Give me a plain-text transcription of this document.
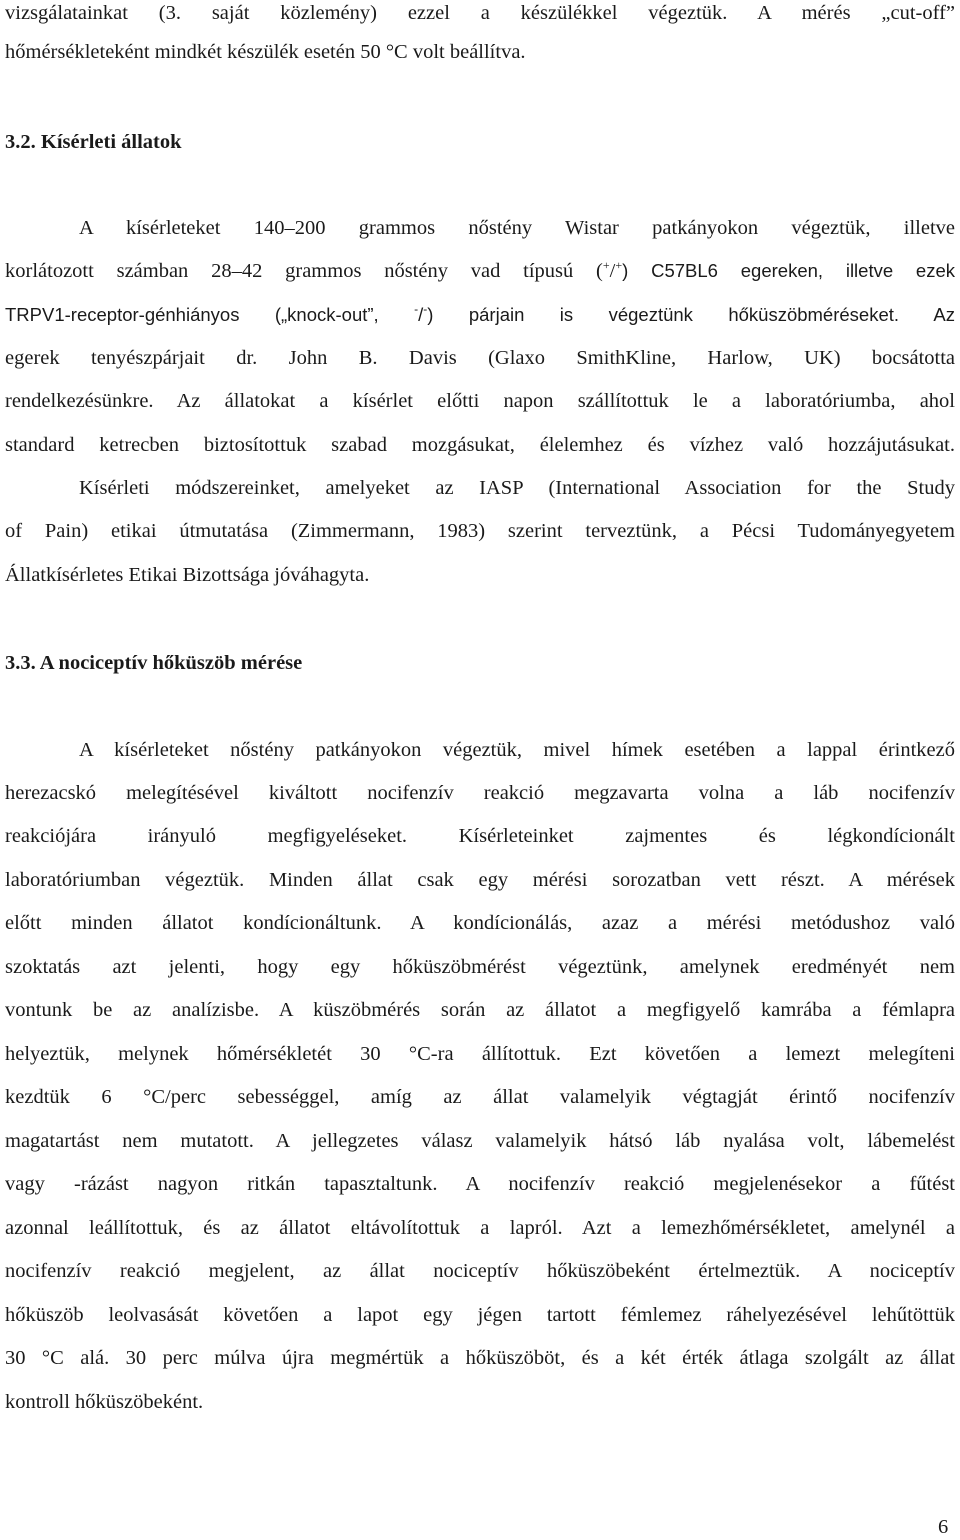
vizsgálatainkat (3. saját közlemény) ezzel a készülékkel végeztük. A mérés „cut-off”
hőmérsékleteként mindkét készülék esetén 50 °C volt beállítva.
3.2. Kísérleti állatok
A kísérleteket 140–200 grammos nőstény Wistar patkányokon végeztük, illetve
korlátozott számban 28–42 grammos nőstény vad típusú (+/+) C57BL6 egereken, illetve ezek
TRPV1-receptor-génhiányos („knock-out”,	-/-) párjain is végeztünk hőküszöbméréseket. Az
egerek tenyészpárjait dr. John B. Davis (Glaxo SmithKline, Harlow, UK) bocsátotta
rendelkezésünkre. Az állatokat a kísérlet előtti napon szállítottuk le a laboratóriumba, ahol
standard ketrecben biztosítottuk szabad mozgásukat, élelemhez és vízhez való hozzájutásukat.
Kísérleti módszereinket, amelyeket az IASP (International Association for the Study
of Pain) etikai útmutatása (Zimmermann, 1983) szerint terveztünk, a Pécsi Tudományegyetem
Állatkísérletes Etikai Bizottsága jóváhagyta.
3.3. A nociceptív hőküszöb mérése
A kísérleteket nőstény patkányokon végeztük, mivel hímek esetében a lappal érintkező
herezacskó melegítésével kiváltott nocifenzív reakció megzavarta volna a láb nocifenzív
reakciójára irányuló megfigyeléseket. Kísérleteinket zajmentes és légkondícionált
laboratóriumban végeztük. Minden állat csak egy mérési sorozatban vett részt. A mérések
előtt minden állatot kondícionáltunk. A kondícionálás, azaz a mérési metódushoz való
szoktatás azt jelenti, hogy egy hőküszöbmérést végeztünk, amelynek eredményét nem
vontunk be az analízisbe. A küszöbmérés során az állatot a megfigyelő kamrába a fémlapra
helyeztük, melynek hőmérsékletét 30 °C-ra állítottuk. Ezt követően a lemezt melegíteni
kezdtük 6 °C/perc sebességgel, amíg az állat valamelyik végtagját érintő nocifenzív
magatartást nem mutatott. A jellegzetes válasz valamelyik hátsó láb nyalása volt, lábemelést
vagy -rázást nagyon ritkán tapasztaltunk. A nocifenzív reakció megjelenésekor a fűtést
azonnal leállítottuk, és az állatot eltávolítottuk a lapról. Azt a lemezhőmérsékletet, amelynél a
nocifenzív reakció megjelent, az állat nociceptív hőküszöbeként értelmeztük. A nociceptív
hőküszöb leolvasását követően a lapot egy jégen tartott fémlemez ráhelyezésével lehűtöttük
30 °C alá. 30 perc múlva újra megmértük a hőküszöböt, és a két érték átlaga szolgált az állat
kontroll hőküszöbeként.
6
